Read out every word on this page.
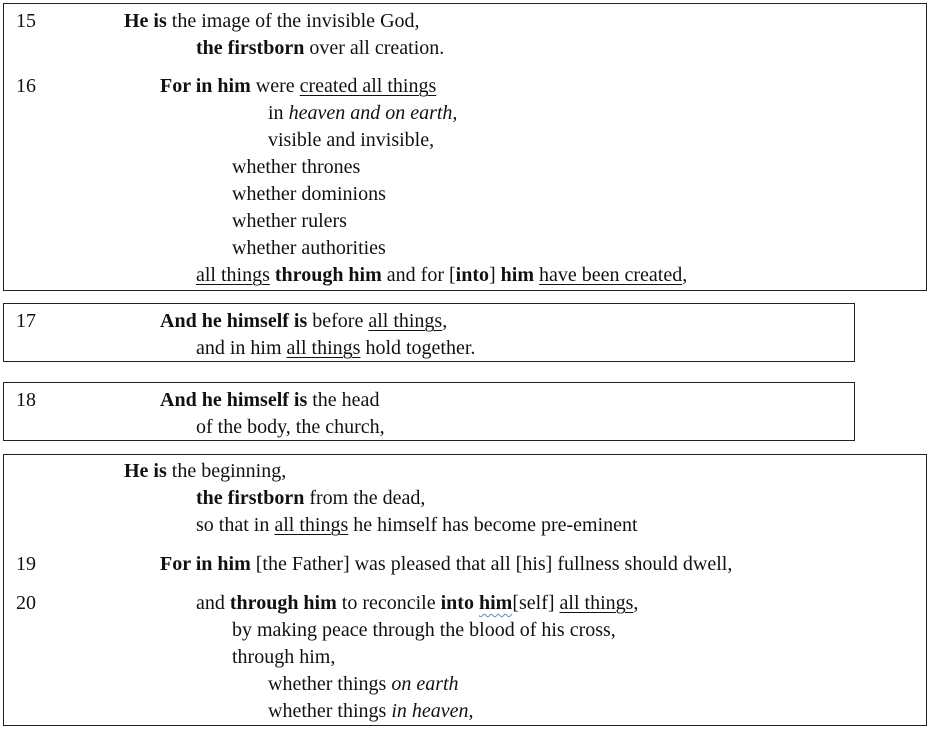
15	He is the image of the invisible God,
the firstborn over all creation.
16	For in him were created all things
in heaven and on earth,
visible and invisible,
whether thrones
whether dominions
whether rulers
whether authorities
all things through him and for [into] him have been created,
17	And he himself is before all things,
and in him all things hold together.
18	And he himself is the head
of the body, the church,
He is the beginning,
the firstborn from the dead,
so that in all things he himself has become pre-eminent
19	For in him [the Father] was pleased that all [his] fullness should dwell,
20	and through him to reconcile into him[self] all things,
by making peace through the blood of his cross,
through him,
whether things on earth
whether things in heaven,
